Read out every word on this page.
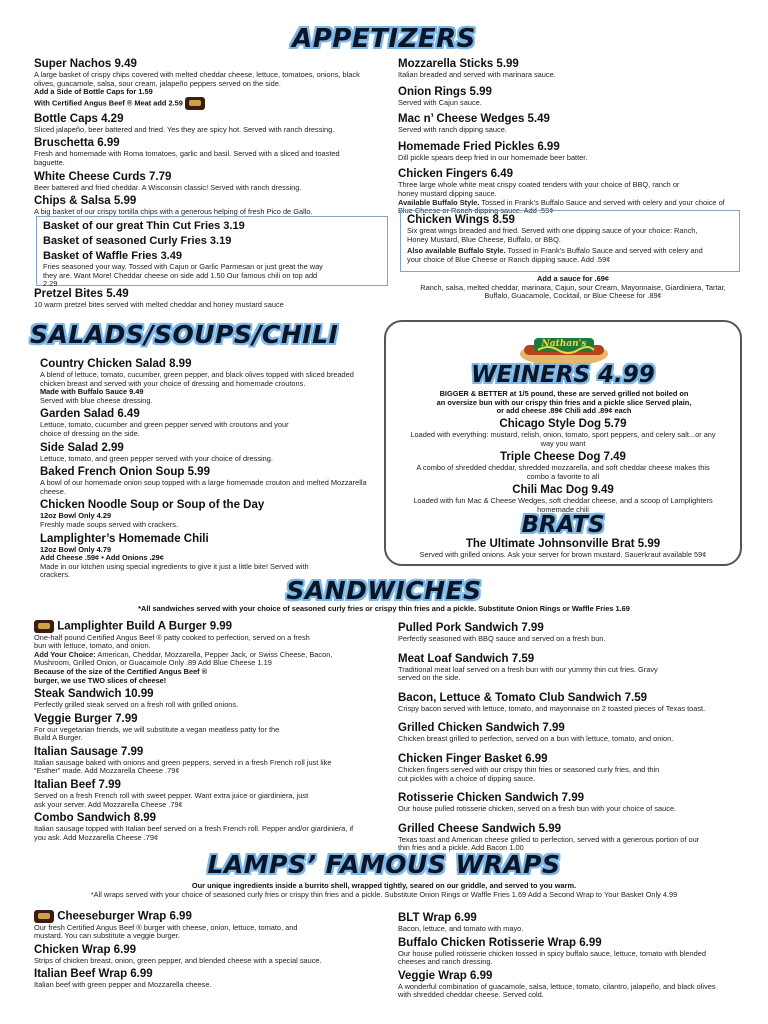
APPETIZERS
Super Nachos 9.49
A large basket of crispy chips covered with melted cheddar cheese, lettuce, tomatoes, onions, black olives, guacamole, salsa, sour cream, jalapeño peppers served on the side.
Add a Side of Bottle Caps for 1.59
With Certified Angus Beef ® Meat add 2.59
Bottle Caps 4.29
Sliced jalapeño, beer battered and fried. Yes they are spicy hot. Served with ranch dressing.
Bruschetta 6.99
Fresh and homemade with Roma tomatoes, garlic and basil. Served with a sliced and toasted baguette.
White Cheese Curds 7.79
Beer battered and fried cheddar. A Wisconsin classic! Served with ranch dressing.
Chips & Salsa 5.99
A big basket of our crispy tortilla chips with a generous helping of fresh Pico de Gallo.
Basket of our great Thin Cut Fries 3.19
Basket of seasoned Curly Fries 3.19
Basket of Waffle Fries 3.49
Fries seasoned your way. Tossed with Cajun or Garlic Parmesan or just great the way they are. Want More! Cheddar cheese on side add 1.50 Our famous chili on top add 2.29
Pretzel Bites 5.49
10 warm pretzel bites served with melted cheddar and honey mustard sauce
Mozzarella Sticks 5.99
Italian breaded and served with marinara sauce.
Onion Rings 5.99
Served with Cajun sauce.
Mac n’ Cheese Wedges 5.49
Served with ranch dipping sauce.
Homemade Fried Pickles 6.99
Dill pickle spears deep fried in our homemade beer batter.
Chicken Fingers 6.49
Three large whole white meat crispy coated tenders with your choice of BBQ, ranch or honey mustard dipping sauce.
Available Buffalo Style. Tossed in Frank’s Buffalo Sauce and served with celery and your choice of Blue Cheese or Ranch dipping sauce. Add .59¢
Chicken Wings 8.59
Six great wings breaded and fried. Served with one dipping sauce of your choice: Ranch, Honey Mustard, Blue Cheese, Buffalo, or BBQ.
Also available Buffalo Style. Tossed in Frank’s Buffalo Sauce and served with celery and your choice of Blue Cheese or Ranch dipping sauce. Add .59¢
Add a sauce for .69¢
Ranch, salsa, melted cheddar, marinara, Cajun, sour Cream, Mayonnaise, Giardiniera, Tartar, Buffalo, Guacamole, Cocktail, or Blue Cheese for .89¢
SALADS/SOUPS/CHILI
Country Chicken Salad 8.99
A blend of lettuce, tomato, cucumber, green pepper, and black olives topped with sliced breaded chicken breast and served with your choice of dressing and homemade croutons.
Made with Buffalo Sauce 9.49
Served with blue cheese dressing.
Garden Salad 6.49
Lettuce, tomato, cucumber and green pepper served with croutons and your choice of dressing on the side.
Side Salad 2.99
Lettuce, tomato, and green pepper served with your choice of dressing.
Baked French Onion Soup 5.99
A bowl of our homemade onion soup topped with a large homemade crouton and melted Mozzarella cheese.
Chicken Noodle Soup or Soup of the Day
12oz Bowl Only 4.29
Freshly made soups served with crackers.
Lamplighter’s Homemade Chili
12oz Bowl Only 4.79
Add Cheese .59¢ • Add Onions .29¢
Made in our kitchen using special ingredients to give it just a little bite! Served with crackers.
Nathan's
WEINERS 4.99
BIGGER & BETTER at 1/5 pound, these are served grilled not boiled on an oversize bun with our crispy thin fries and a pickle slice Served plain, or add cheese .89¢ Chili add .89¢ each
Chicago Style Dog 5.79
Loaded with everything: mustard, relish, onion, tomato, sport peppers, and celery salt...or any way you want
Triple Cheese Dog 7.49
A combo of shredded cheddar, shredded mozzarella, and soft cheddar cheese makes this combo a favorite to all
Chili Mac Dog 9.49
Loaded with fun Mac & Cheese Wedges, soft cheddar cheese, and a scoop of Lamplighters homemade chili
BRATS
The Ultimate Johnsonville Brat 5.99
Served with grilled onions. Ask your server for brown mustard. Sauerkraut available 59¢
SANDWICHES
*All sandwiches served with your choice of seasoned curly fries or crispy thin fries and a pickle. Substitute Onion Rings or Waffle Fries 1.69
Lamplighter Build A Burger 9.99
One-half pound Certified Angus Beef ® patty cooked to perfection, served on a fresh bun with lettuce, tomato, and onion.
Add Your Choice: American, Cheddar, Mozzarella, Pepper Jack, or Swiss Cheese, Bacon, Mushroom, Grilled Onion, or Guacamole Only .89 Add Blue Cheese 1.19
Because of the size of the Certified Angus Beef ® burger, we use TWO slices of cheese!
Steak Sandwich 10.99
Perfectly grilled steak served on a fresh roll with grilled onions.
Veggie Burger 7.99
For our vegetarian friends, we will substitute a vegan meatless patty for the Build A Burger.
Italian Sausage 7.99
Italian sausage baked with onions and green peppers, served in a fresh French roll just like “Esther” made. Add Mozzarella Cheese .79¢
Italian Beef 7.99
Served on a fresh French roll with sweet pepper. Want extra juice or giardiniera, just ask your server. Add Mozzarella Cheese .79¢
Combo Sandwich 8.99
Italian sausage topped with Italian beef served on a fresh French roll. Pepper and/or giardiniera, if you ask. Add Mozzarella Cheese .79¢
Pulled Pork Sandwich 7.99
Perfectly seasoned with BBQ sauce and served on a fresh bun.
Meat Loaf Sandwich 7.59
Traditional meat loaf served on a fresh bun with our yummy thin cut fries. Gravy served on the side.
Bacon, Lettuce & Tomato Club Sandwich 7.59
Crispy bacon served with lettuce, tomato, and mayonnaise on 2 toasted pieces of Texas toast.
Grilled Chicken Sandwich 7.99
Chicken breast grilled to perfection, served on a bun with lettuce, tomato, and onion.
Chicken Finger Basket 6.99
Chicken fingers served with our crispy thin fries or seasoned curly fries, and thin cut pickles with a choice of dipping sauce.
Rotisserie Chicken Sandwich 7.99
Our house pulled rotisserie chicken, served on a fresh bun with your choice of sauce.
Grilled Cheese Sandwich 5.99
Texas toast and American cheese grilled to perfection, served with a generous portion of our thin fries and a pickle. Add Bacon 1.00
LAMPS’ FAMOUS WRAPS
Our unique ingredients inside a burrito shell, wrapped tightly, seared on our griddle, and served to you warm.
*All wraps served with your choice of seasoned curly fries or crispy thin fries and a pickle. Substitute Onion Rings or Waffle Fries 1.69 Add a Second Wrap to Your Basket Only 4.99
Cheeseburger Wrap 6.99
Our fresh Certified Angus Beef ® burger with cheese, onion, lettuce, tomato, and mustard. You can substitute a veggie burger.
Chicken Wrap 6.99
Strips of chicken breast, onion, green pepper, and blended cheese with a special sauce.
Italian Beef Wrap 6.99
Italian beef with green pepper and Mozzarella cheese.
BLT Wrap 6.99
Bacon, lettuce, and tomato with mayo.
Buffalo Chicken Rotisserie Wrap 6.99
Our house pulled rotisserie chicken tossed in spicy buffalo sauce, lettuce, tomato with blended cheeses and ranch dressing.
Veggie Wrap 6.99
A wonderful combination of guacamole, salsa, lettuce, tomato, cilantro, jalapeño, and black olives with shredded cheddar cheese. Served cold.
